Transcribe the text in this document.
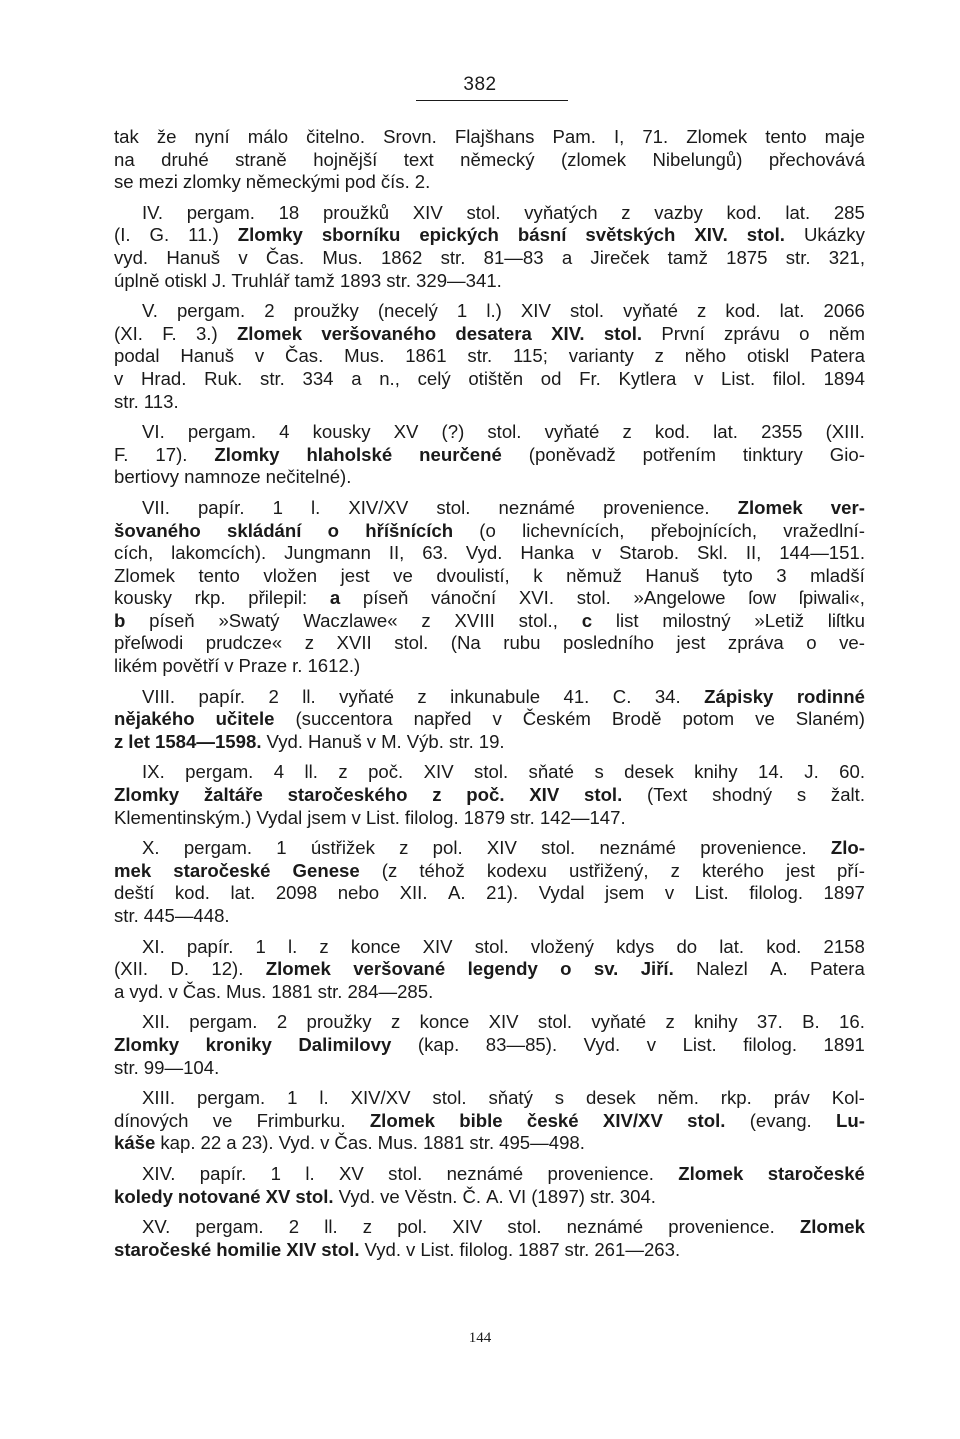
382
tak že nyní málo čitelno. Srovn. Flajšhans Pam. I, 71. Zlomek tento maje
na druhé straně hojnější text německý (zlomek Nibelungů) přechovává
se mezi zlomky německými pod čís. 2.
IV. pergam. 18 proužků XIV stol. vyňatých z vazby kod. lat. 285
(I. G. 11.) Zlomky sborníku epických básní světských XIV. stol. Ukázky
vyd. Hanuš v Čas. Mus. 1862 str. 81—83 a Jireček tamž 1875 str. 321,
úplně otiskl J. Truhlář tamž 1893 str. 329—341.
V. pergam. 2 proužky (necelý 1 l.) XIV stol. vyňaté z kod. lat. 2066
(XI. F. 3.) Zlomek veršovaného desatera XIV. stol. První zprávu o něm
podal Hanuš v Čas. Mus. 1861 str. 115; varianty z něho otiskl Patera
v Hrad. Ruk. str. 334 a n., celý otištěn od Fr. Kytlera v List. filol. 1894
str. 113.
VI. pergam. 4 kousky XV (?) stol. vyňaté z kod. lat. 2355 (XIII.
F. 17). Zlomky hlaholské neurčené (poněvadž potřením tinktury Gio-
bertiovy namnoze nečitelné).
VII. papír. 1 l. XIV/XV stol. neznámé provenience. Zlomek ver-
šovaného skládání o hříšnících (o lichevnících, přebojnících, vražedlní-
cích, lakomcích). Jungmann II, 63. Vyd. Hanka v Starob. Skl. II, 144—151.
Zlomek tento vložen jest ve dvoulistí, k němuž Hanuš tyto 3 mladší
kousky rkp. přilepil: a píseň vánoční XVI. stol. »Angelowe ſow ſpiwali«,
b píseň »Swatý Waczlawe« z XVIII stol., c list milostný »Letiž liſtku
přeſwodi prudcze« z XVII stol. (Na rubu posledního jest zpráva o ve-
likém povětří v Praze r. 1612.)
VIII. papír. 2 ll. vyňaté z inkunabule 41. C. 34. Zápisky rodinné
nějakého učitele (succentora napřed v Českém Brodě potom ve Slaném)
z let 1584—1598. Vyd. Hanuš v M. Výb. str. 19.
IX. pergam. 4 ll. z poč. XIV stol. sňaté s desek knihy 14. J. 60.
Zlomky žaltáře staročeského z poč. XIV stol. (Text shodný s žalt.
Klementinským.) Vydal jsem v List. filolog. 1879 str. 142—147.
X. pergam. 1 ústřižek z pol. XIV stol. neznámé provenience. Zlo-
mek staročeské Genese (z téhož kodexu ustřižený, z kterého jest pří-
deští kod. lat. 2098 nebo XII. A. 21). Vydal jsem v List. filolog. 1897
str. 445—448.
XI. papír. 1 l. z konce XIV stol. vložený kdys do lat. kod. 2158
(XII. D. 12). Zlomek veršované legendy o sv. Jiří. Nalezl A. Patera
a vyd. v Čas. Mus. 1881 str. 284—285.
XII. pergam. 2 proužky z konce XIV stol. vyňaté z knihy 37. B. 16.
Zlomky kroniky Dalimilovy (kap. 83—85). Vyd. v List. filolog. 1891
str. 99—104.
XIII. pergam. 1 l. XIV/XV stol. sňatý s desek něm. rkp. práv Kol-
dínových ve Frimburku. Zlomek bible české XIV/XV stol. (evang. Lu-
káše kap. 22 a 23). Vyd. v Čas. Mus. 1881 str. 495—498.
XIV. papír. 1 l. XV stol. neznámé provenience. Zlomek staročeské
koledy notované XV stol. Vyd. ve Věstn. Č. A. VI (1897) str. 304.
XV. pergam. 2 ll. z pol. XIV stol. neznámé provenience. Zlomek
staročeské homilie XIV stol. Vyd. v List. filolog. 1887 str. 261—263.
144
